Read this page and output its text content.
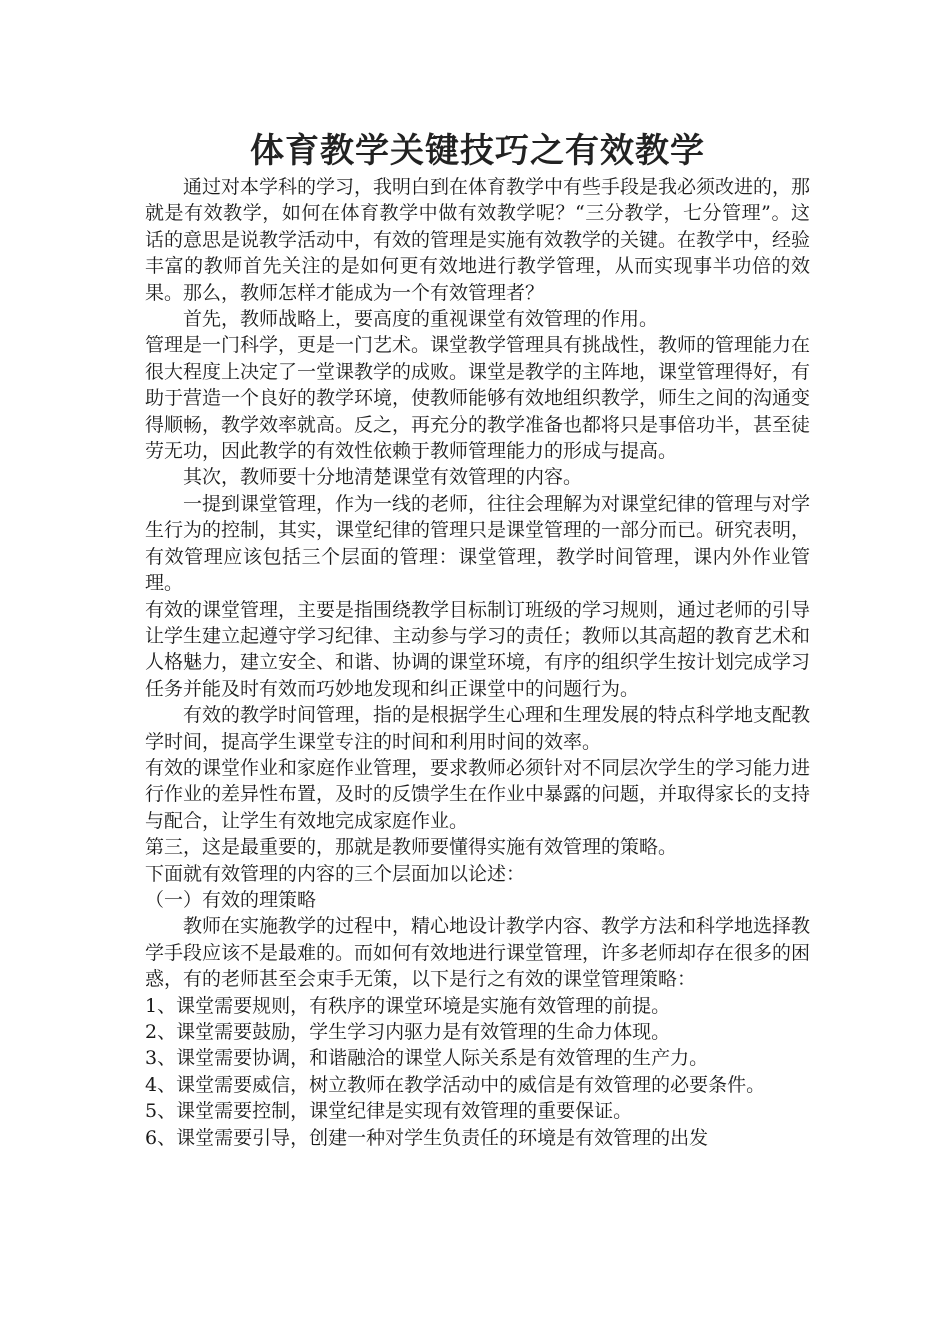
体育教学关键技巧之有效教学

通过对本学科的学习，我明白到在体育教学中有些手段是我必须改进的，那就是有效教学，如何在体育教学中做有效教学呢？“三分教学，七分管理”。这话的意思是说教学活动中，有效的管理是实施有效教学的关键。在教学中，经验丰富的教师首先关注的是如何更有效地进行教学管理，从而实现事半功倍的效果。那么，教师怎样才能成为一个有效管理者？

首先，教师战略上，要高度的重视课堂有效管理的作用。

管理是一门科学，更是一门艺术。课堂教学管理具有挑战性，教师的管理能力在很大程度上决定了一堂课教学的成败。课堂是教学的主阵地，课堂管理得好，有助于营造一个良好的教学环境，使教师能够有效地组织教学，师生之间的沟通变得顺畅，教学效率就高。反之，再充分的教学准备也都将只是事倍功半，甚至徒劳无功，因此教学的有效性依赖于教师管理能力的形成与提高。

其次，教师要十分地清楚课堂有效管理的内容。

一提到课堂管理，作为一线的老师，往往会理解为对课堂纪律的管理与对学生行为的控制，其实，课堂纪律的管理只是课堂管理的一部分而已。研究表明，有效管理应该包括三个层面的管理：课堂管理，教学时间管理，课内外作业管理。

有效的课堂管理，主要是指围绕教学目标制订班级的学习规则，通过老师的引导让学生建立起遵守学习纪律、主动参与学习的责任；教师以其高超的教育艺术和人格魅力，建立安全、和谐、协调的课堂环境，有序的组织学生按计划完成学习任务并能及时有效而巧妙地发现和纠正课堂中的问题行为。

有效的教学时间管理，指的是根据学生心理和生理发展的特点科学地支配教学时间，提高学生课堂专注的时间和利用时间的效率。

有效的课堂作业和家庭作业管理，要求教师必须针对不同层次学生的学习能力进行作业的差异性布置，及时的反馈学生在作业中暴露的问题，并取得家长的支持与配合，让学生有效地完成家庭作业。

第三，这是最重要的，那就是教师要懂得实施有效管理的策略。

下面就有效管理的内容的三个层面加以论述：

（一）有效的理策略

教师在实施教学的过程中，精心地设计教学内容、教学方法和科学地选择教学手段应该不是最难的。而如何有效地进行课堂管理，许多老师却存在很多的困惑，有的老师甚至会束手无策，以下是行之有效的课堂管理策略：

1、课堂需要规则，有秩序的课堂环境是实施有效管理的前提。

2、课堂需要鼓励，学生学习内驱力是有效管理的生命力体现。

3、课堂需要协调，和谐融洽的课堂人际关系是有效管理的生产力。

4、课堂需要威信，树立教师在教学活动中的威信是有效管理的必要条件。

5、课堂需要控制，课堂纪律是实现有效管理的重要保证。

6、课堂需要引导，创建一种对学生负责任的环境是有效管理的出发
